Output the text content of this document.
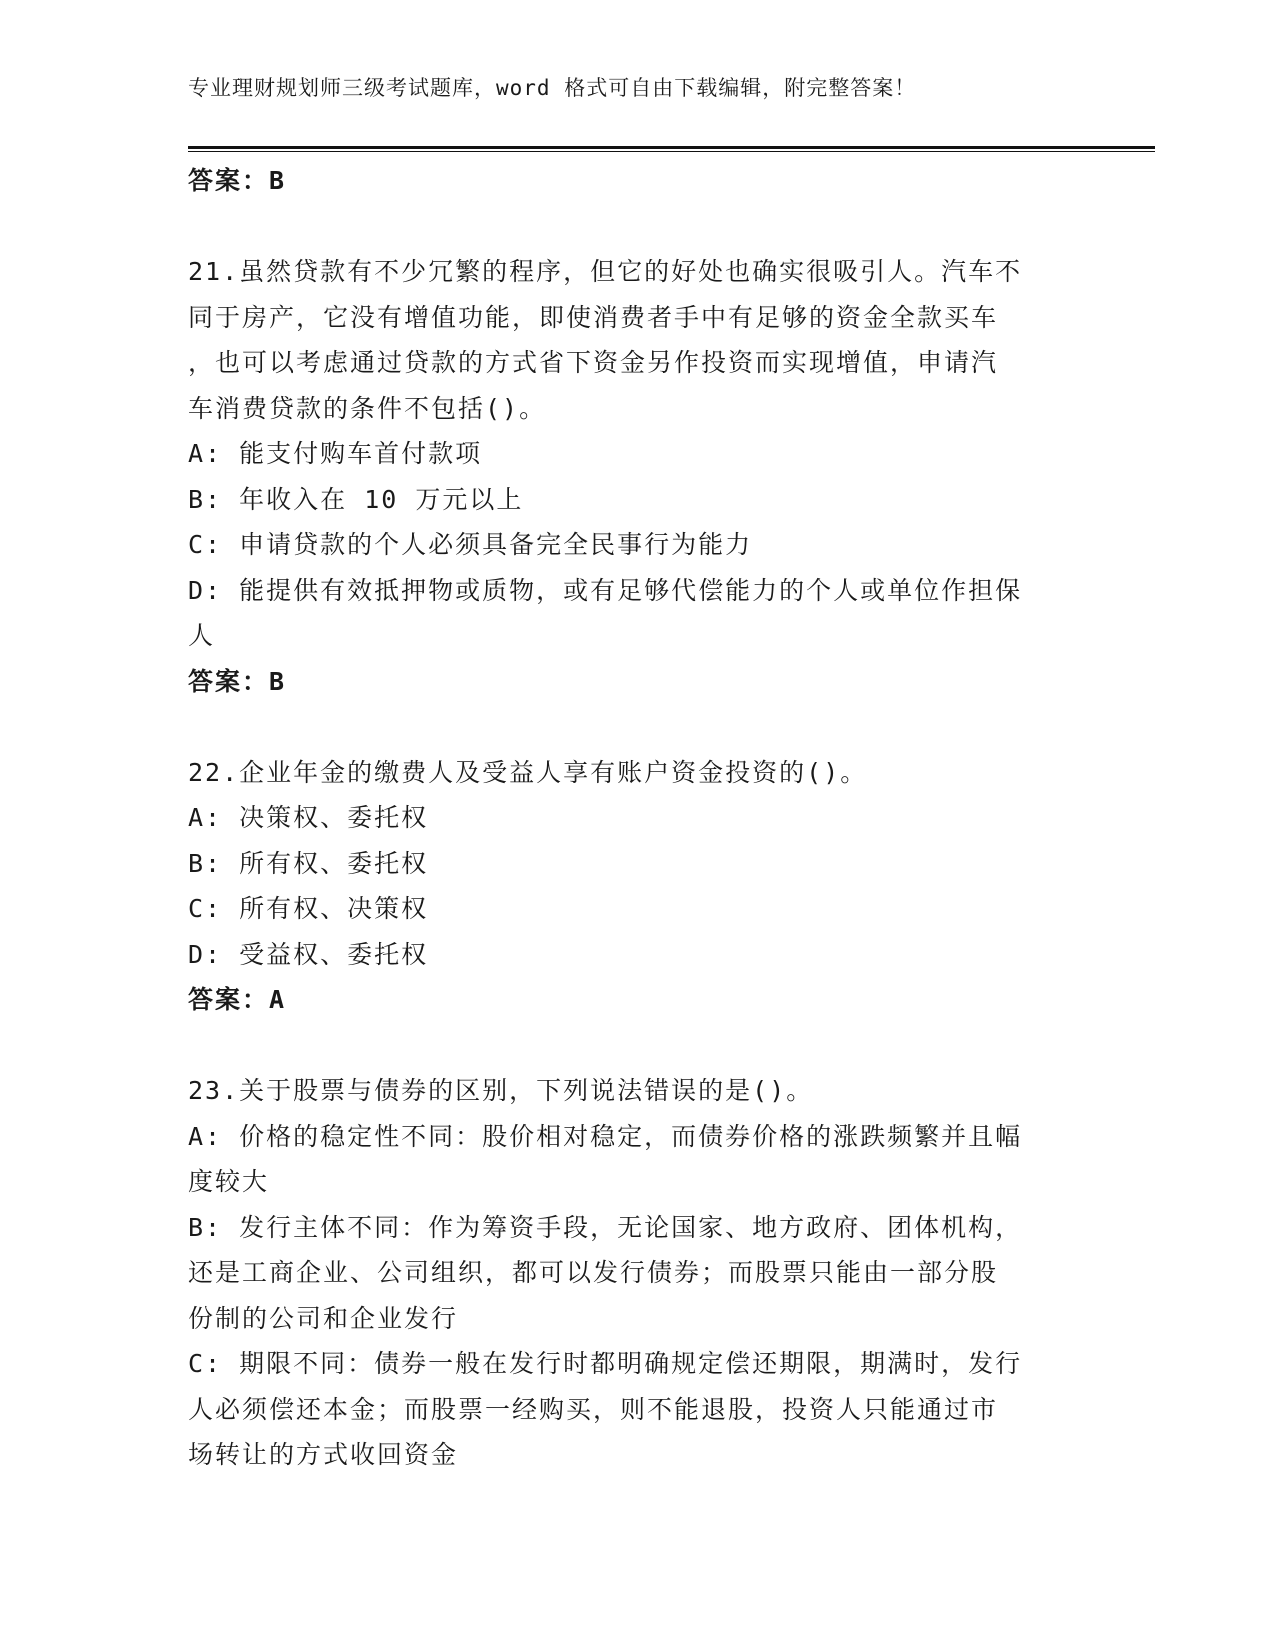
专业理财规划师三级考试题库，word 格式可自由下载编辑，附完整答案！
答案：B
21.虽然贷款有不少冗繁的程序，但它的好处也确实很吸引人。汽车不
同于房产，它没有增值功能，即使消费者手中有足够的资金全款买车
，也可以考虑通过贷款的方式省下资金另作投资而实现增值，申请汽
车消费贷款的条件不包括()。
A: 能支付购车首付款项
B: 年收入在 10 万元以上
C: 申请贷款的个人必须具备完全民事行为能力
D: 能提供有效抵押物或质物，或有足够代偿能力的个人或单位作担保
人
答案：B
22.企业年金的缴费人及受益人享有账户资金投资的()。
A: 决策权、委托权
B: 所有权、委托权
C: 所有权、决策权
D: 受益权、委托权
答案：A
23.关于股票与债券的区别，下列说法错误的是()。
A: 价格的稳定性不同：股价相对稳定，而债券价格的涨跌频繁并且幅
度较大
B: 发行主体不同：作为筹资手段，无论国家、地方政府、团体机构，
还是工商企业、公司组织，都可以发行债券；而股票只能由一部分股
份制的公司和企业发行
C: 期限不同：债券一般在发行时都明确规定偿还期限，期满时，发行
人必须偿还本金；而股票一经购买，则不能退股，投资人只能通过市
场转让的方式收回资金
